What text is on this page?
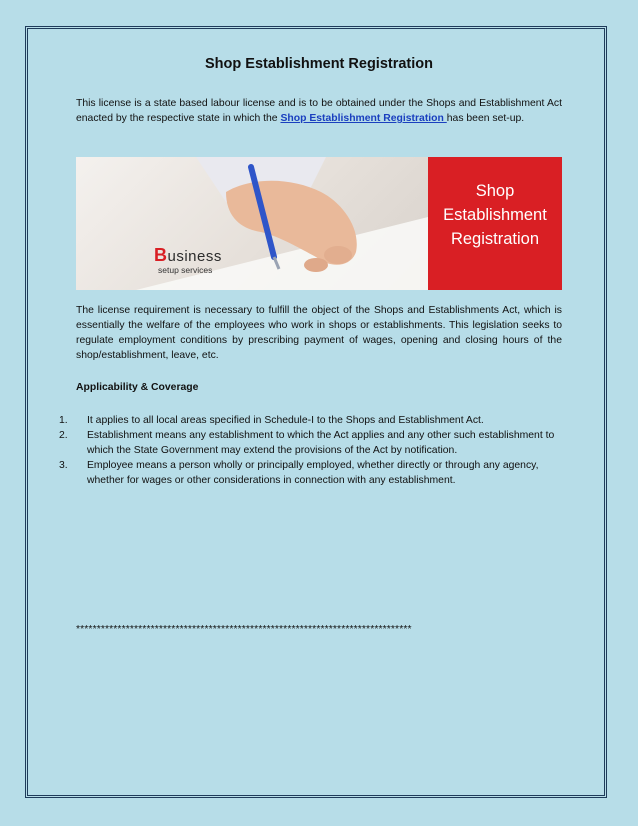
Shop Establishment Registration
This license is a state based labour license and is to be obtained under the Shops and Establishment Act enacted by the respective state in which the Shop Establishment Registration has been set-up.
Business
setup services
Shop
Establishment
Registration
The license requirement is necessary to fulfill the object of the Shops and Establishments Act, which is essentially the welfare of the employees who work in shops or establishments. This legislation seeks to regulate employment conditions by prescribing payment of wages, opening and closing hours of the shop/establishment, leave, etc.
Applicability & Coverage
1. It applies to all local areas specified in Schedule-I to the Shops and Establishment Act.
2. Establishment means any establishment to which the Act applies and any other such establishment to which the State Government may extend the provisions of the Act by notification.
3. Employee means a person wholly or principally employed, whether directly or through any agency, whether for wages or other considerations in connection with any establishment.
*********************************************************************************
